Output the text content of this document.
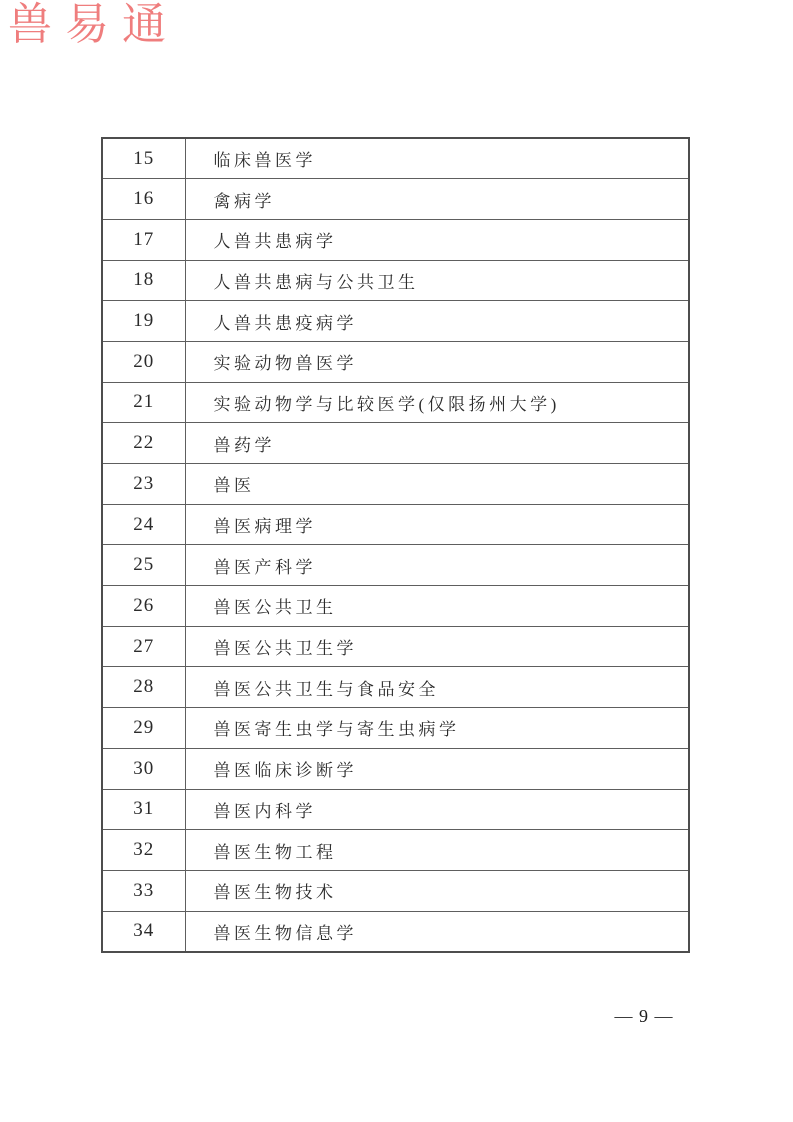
兽易通
15	临床兽医学
16	禽病学
17	人兽共患病学
18	人兽共患病与公共卫生
19	人兽共患疫病学
20	实验动物兽医学
21	实验动物学与比较医学(仅限扬州大学)
22	兽药学
23	兽医
24	兽医病理学
25	兽医产科学
26	兽医公共卫生
27	兽医公共卫生学
28	兽医公共卫生与食品安全
29	兽医寄生虫学与寄生虫病学
30	兽医临床诊断学
31	兽医内科学
32	兽医生物工程
33	兽医生物技术
34	兽医生物信息学
— 9 —
